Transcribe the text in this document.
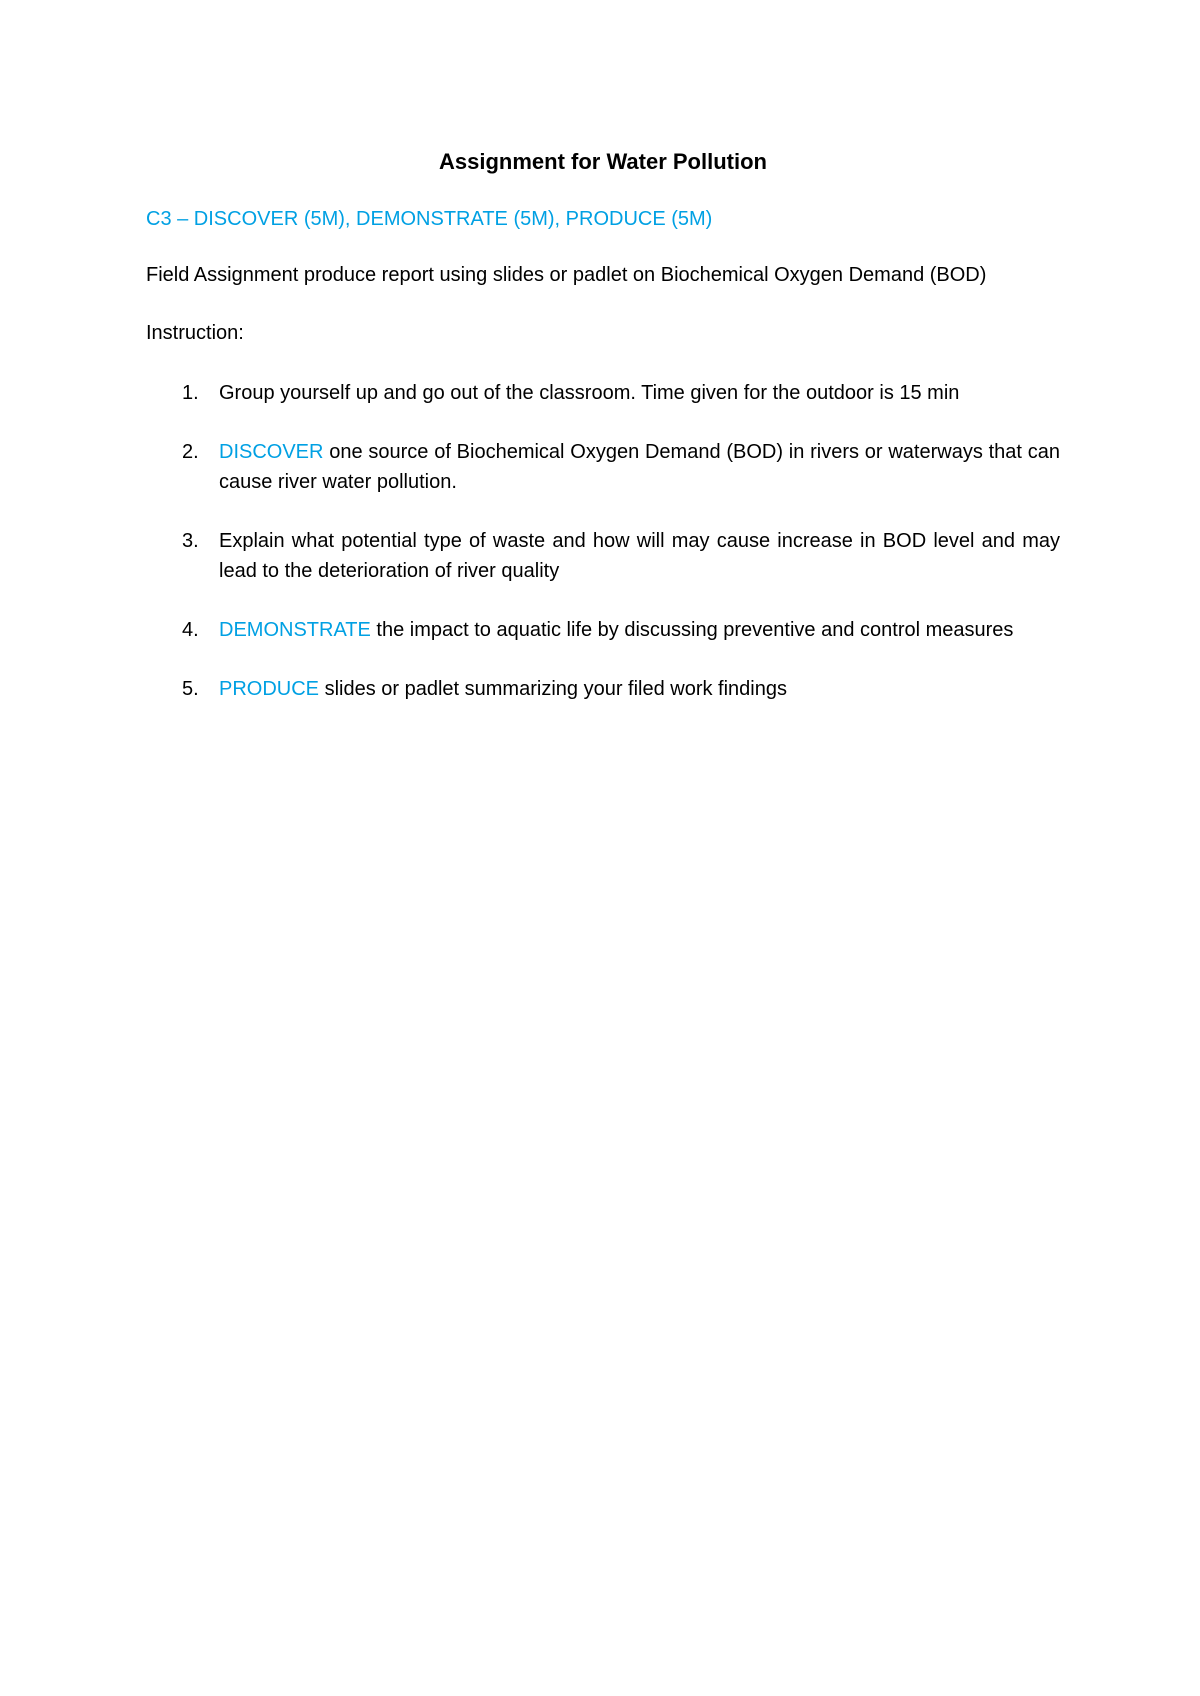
Assignment for Water Pollution
C3 – DISCOVER (5M), DEMONSTRATE (5M), PRODUCE (5M)
Field Assignment produce report using slides or padlet on Biochemical Oxygen Demand (BOD)
Instruction:
1. Group yourself up and go out of the classroom. Time given for the outdoor is 15 min
2. DISCOVER one source of Biochemical Oxygen Demand (BOD) in rivers or waterways that can cause river water pollution.
3. Explain what potential type of waste and how will may cause increase in BOD level and may lead to the deterioration of river quality
4. DEMONSTRATE the impact to aquatic life by discussing preventive and control measures
5. PRODUCE slides or padlet summarizing your filed work findings
